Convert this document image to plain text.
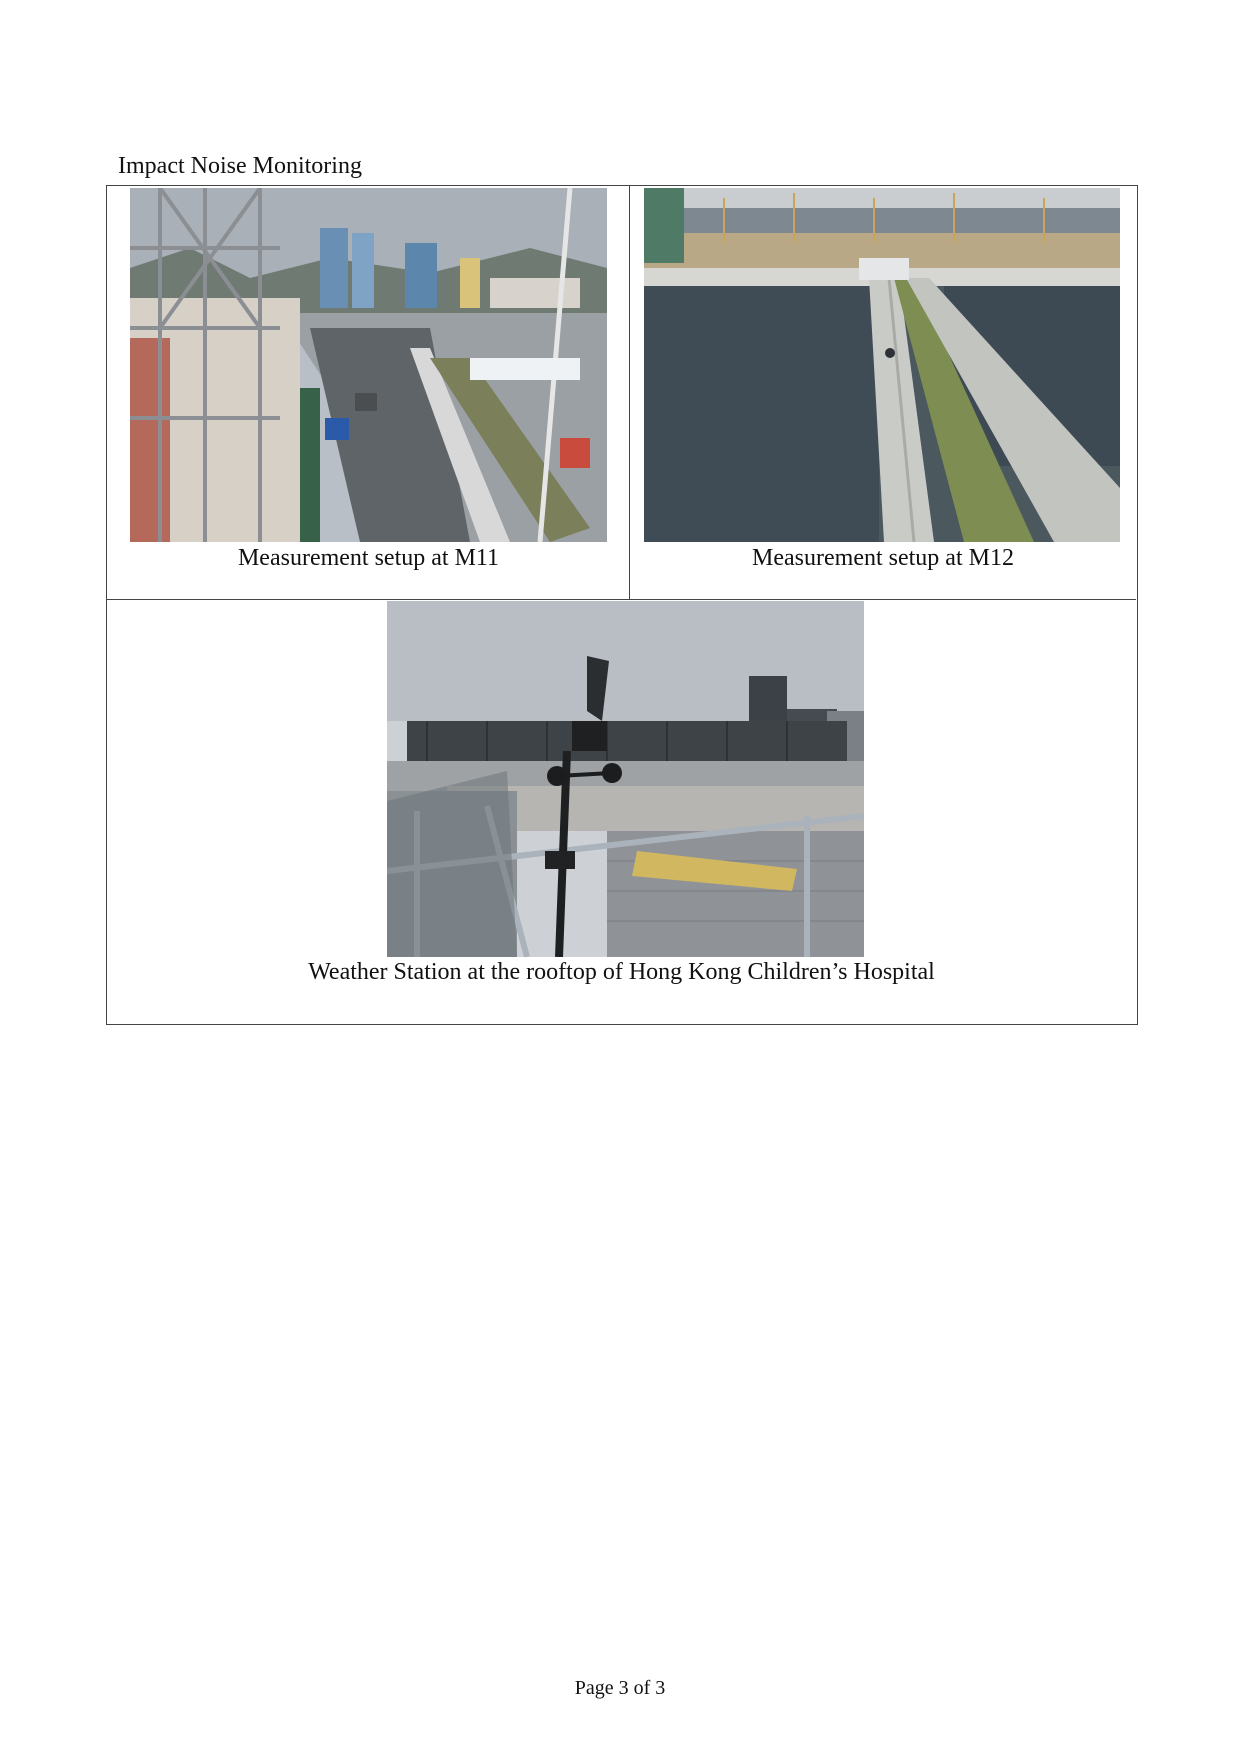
Impact Noise Monitoring
Measurement setup at M11	Measurement setup at M12
Weather Station at the rooftop of Hong Kong Children’s Hospital
Page 3 of 3
